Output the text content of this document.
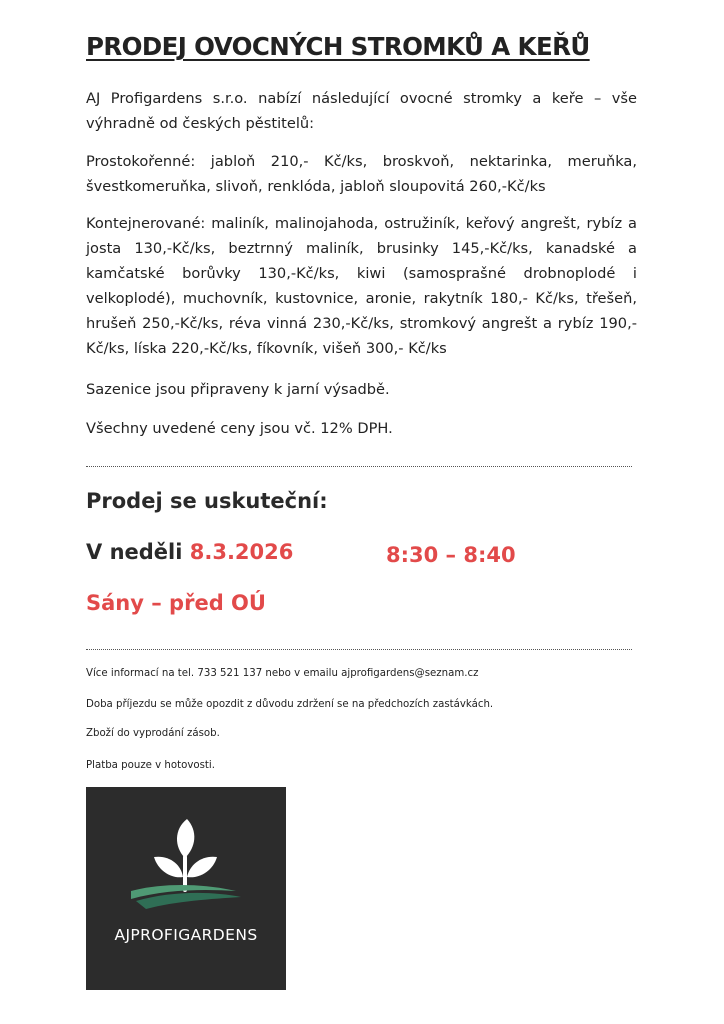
PRODEJ OVOCNÝCH STROMKŮ A KEŘŮ

AJ Profigardens s.r.o. nabízí následující ovocné stromky a keře – vše výhradně od českých pěstitelů:

Prostokořenné: jabloň 210,- Kč/ks, broskvoň, nektarinka, meruňka, švestkomeruňka, slivoň, renklóda, jabloň sloupovitá 260,-Kč/ks

Kontejnerované: maliník, malinojahoda, ostružiník, keřový angrešt, rybíz a josta 130,-Kč/ks, beztrnný maliník, brusinky 145,-Kč/ks, kanadské a kamčatské borůvky 130,-Kč/ks, kiwi (samosprašné drobnoplodé i velkoplodé), muchovník, kustovnice, aronie, rakytník 180,- Kč/ks, třešeň, hrušeň 250,-Kč/ks, réva vinná 230,-Kč/ks, stromkový angrešt a rybíz 190,- Kč/ks, líska 220,-Kč/ks, fíkovník, višeň 300,- Kč/ks

Sazenice jsou připraveny k jarní výsadbě.

Všechny uvedené ceny jsou vč. 12% DPH.

Prodej se uskuteční:

V neděli 8.3.2026	8:30 – 8:40

Sány – před OÚ

Více informací na tel. 733 521 137 nebo v emailu ajprofigardens@seznam.cz

Doba příjezdu se může opozdit z důvodu zdržení se na předchozích zastávkách.

Zboží do vyprodání zásob.

Platba pouze v hotovosti.

AJPROFIGARDENS
